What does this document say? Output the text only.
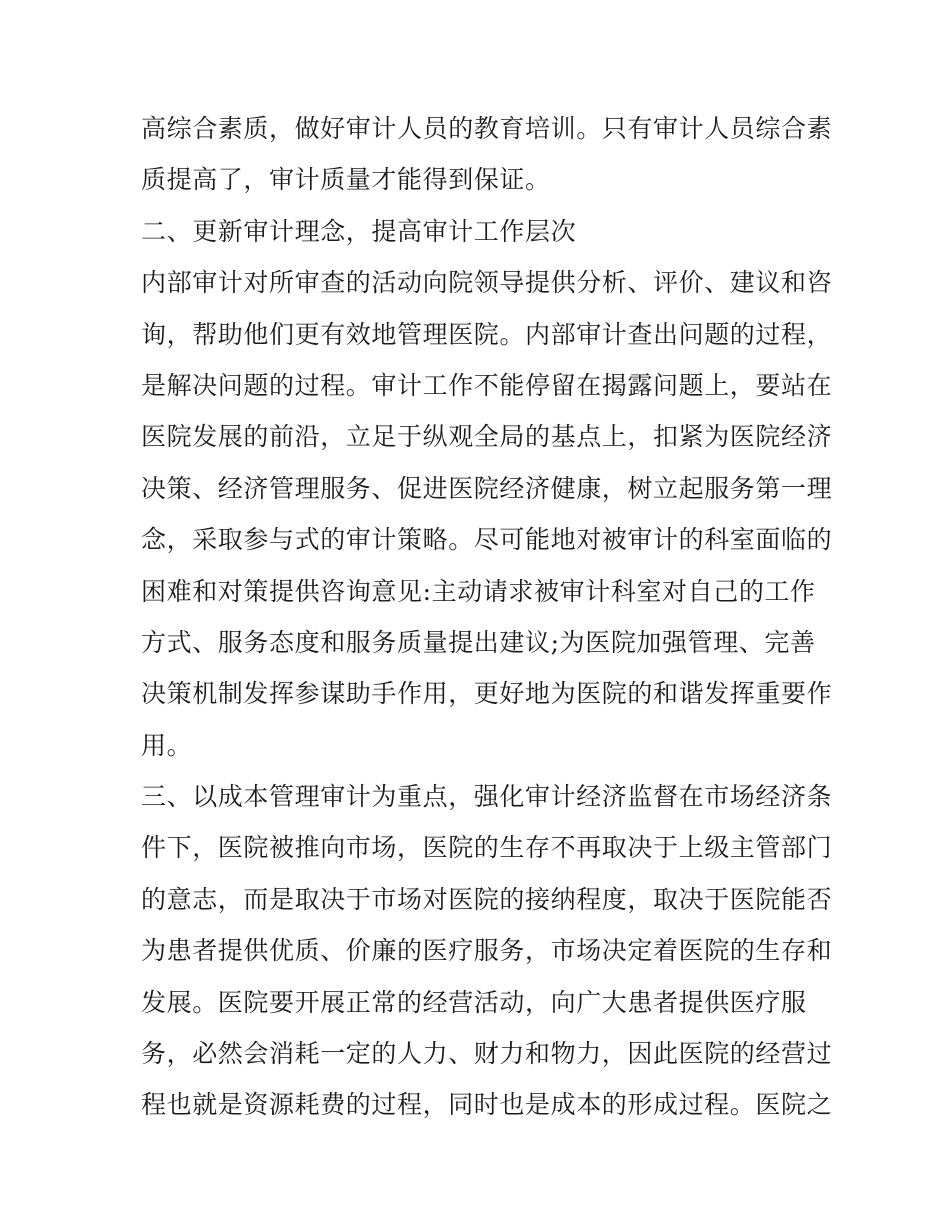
高综合素质，做好审计人员的教育培训。只有审计人员综合素
质提高了，审计质量才能得到保证。
二、更新审计理念，提高审计工作层次
内部审计对所审查的活动向院领导提供分析、评价、建议和咨
询，帮助他们更有效地管理医院。内部审计查出问题的过程，
是解决问题的过程。审计工作不能停留在揭露问题上，要站在
医院发展的前沿，立足于纵观全局的基点上，扣紧为医院经济
决策、经济管理服务、促进医院经济健康，树立起服务第一理
念，采取参与式的审计策略。尽可能地对被审计的科室面临的
困难和对策提供咨询意见:主动请求被审计科室对自己的工作
方式、服务态度和服务质量提出建议;为医院加强管理、完善
决策机制发挥参谋助手作用，更好地为医院的和谐发挥重要作
用。
三、以成本管理审计为重点，强化审计经济监督在市场经济条
件下，医院被推向市场，医院的生存不再取决于上级主管部门
的意志，而是取决于市场对医院的接纳程度，取决于医院能否
为患者提供优质、价廉的医疗服务，市场决定着医院的生存和
发展。医院要开展正常的经营活动，向广大患者提供医疗服
务，必然会消耗一定的人力、财力和物力，因此医院的经营过
程也就是资源耗费的过程，同时也是成本的形成过程。医院之
